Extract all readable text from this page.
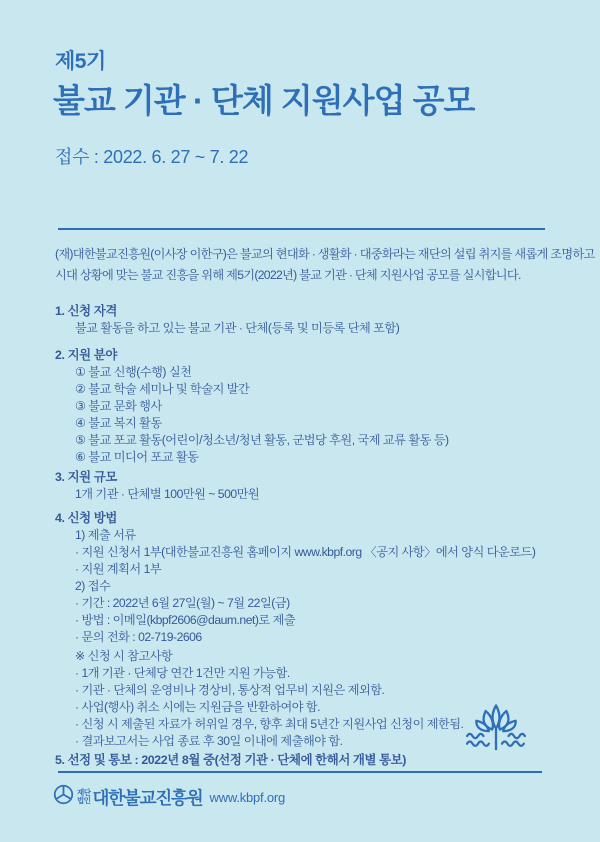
제5기
불교 기관 · 단체 지원사업 공모
접수 : 2022. 6. 27 ~ 7. 22
(재)대한불교진흥원(이사장 이한구)은 불교의 현대화 · 생활화 · 대중화라는 재단의 설립 취지를 새롭게 조명하고
시대 상황에 맞는 불교 진흥을 위해 제5기(2022년) 불교 기관 · 단체 지원사업 공모를 실시합니다.
1. 신청 자격
불교 활동을 하고 있는 불교 기관 · 단체(등록 및 미등록 단체 포함)
2. 지원 분야
① 불교 신행(수행) 실천
② 불교 학술 세미나 및 학술지 발간
③ 불교 문화 행사
④ 불교 복지 활동
⑤ 불교 포교 활동(어린이/청소년/청년 활동, 군법당 후원, 국제 교류 활동 등)
⑥ 불교 미디어 포교 활동
3. 지원 규모
1개 기관 · 단체별 100만원 ~ 500만원
4. 신청 방법
1) 제출 서류
· 지원 신청서 1부(대한불교진흥원 홈페이지 www.kbpf.org 〈공지 사항〉에서 양식 다운로드)
· 지원 계획서 1부
2) 접수
· 기간 : 2022년 6월 27일(월) ~ 7월 22일(금)
· 방법 : 이메일(kbpf2606@daum.net)로 제출
· 문의 전화 : 02-719-2606
※ 신청 시 참고사항
· 1개 기관 · 단체당 연간 1건만 지원 가능함.
· 기관 · 단체의 운영비나 경상비, 통상적 업무비 지원은 제외함.
· 사업(행사) 취소 시에는 지원금을 반환하여야 함.
· 신청 시 제출된 자료가 허위일 경우, 향후 최대 5년간 지원사업 신청이 제한됨.
· 결과보고서는 사업 종료 후 30일 이내에 제출해야 함.
5. 선정 및 통보 : 2022년 8월 중(선정 기관 · 단체에 한해서 개별 통보)
재단
법인 대한불교진흥원 www.kbpf.org
